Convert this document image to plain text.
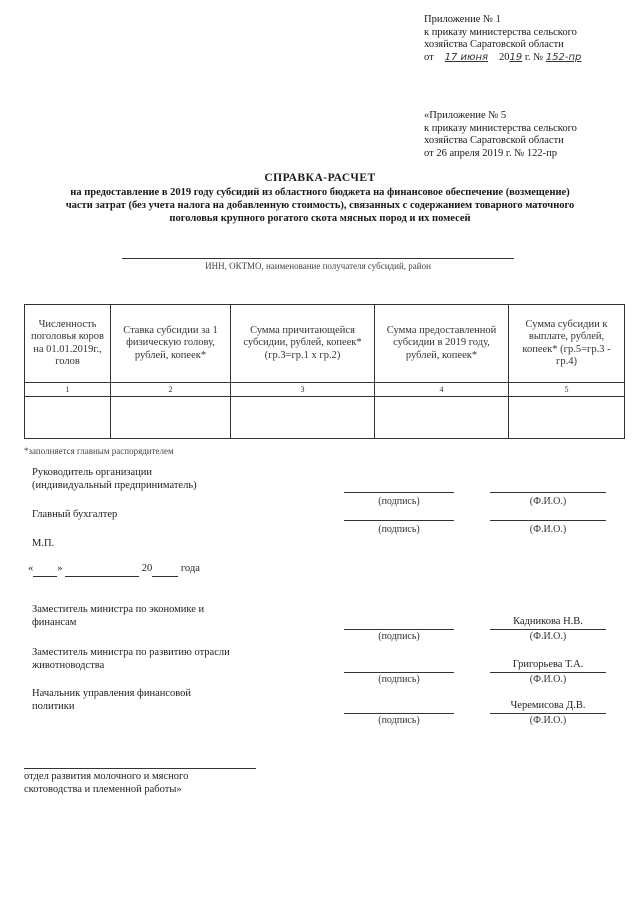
Приложение № 1
к приказу министерства сельского
хозяйства Саратовской области
от 17 июня 2019 г. № 152-пр
«Приложение № 5
к приказу министерства сельского
хозяйства Саратовской области
от 26 апреля 2019 г. № 122-пр
СПРАВКА-РАСЧЕТ
на предоставление в 2019 году субсидий из областного бюджета на финансовое обеспечение (возмещение)
части затрат (без учета налога на добавленную стоимость), связанных с содержанием товарного маточного
поголовья крупного рогатого скота мясных пород и их помесей
ИНН, ОКТМО, наименование получателя субсидий, район
Численность поголовья коров на 01.01.2019г., голов	Ставка субсидии за 1 физическую голову, рублей, копеек*	Сумма причитающейся субсидии, рублей, копеек* (гр.3=гр.1 х гр.2)	Сумма предоставленной субсидии в 2019 году, рублей, копеек*	Сумма субсидии к выплате, рублей, копеек* (гр.5=гр.3 - гр.4)
1	2	3	4	5

*заполняется главным распорядителем
Руководитель организации
(индивидуальный предприниматель)
(подпись)	(Ф.И.О.)
Главный бухгалтер
(подпись)	(Ф.И.О.)
М.П.
« »	20	года
Заместитель министра по экономике и
финансам	Кадникова Н.В.
(подпись)	(Ф.И.О.)
Заместитель министра по развитию отрасли
животноводства	Григорьева Т.А.
(подпись)	(Ф.И.О.)
Начальник управления финансовой
политики	Черемисова Д.В.
(подпись)	(Ф.И.О.)
отдел развития молочного и мясного
скотоводства и племенной работы»
